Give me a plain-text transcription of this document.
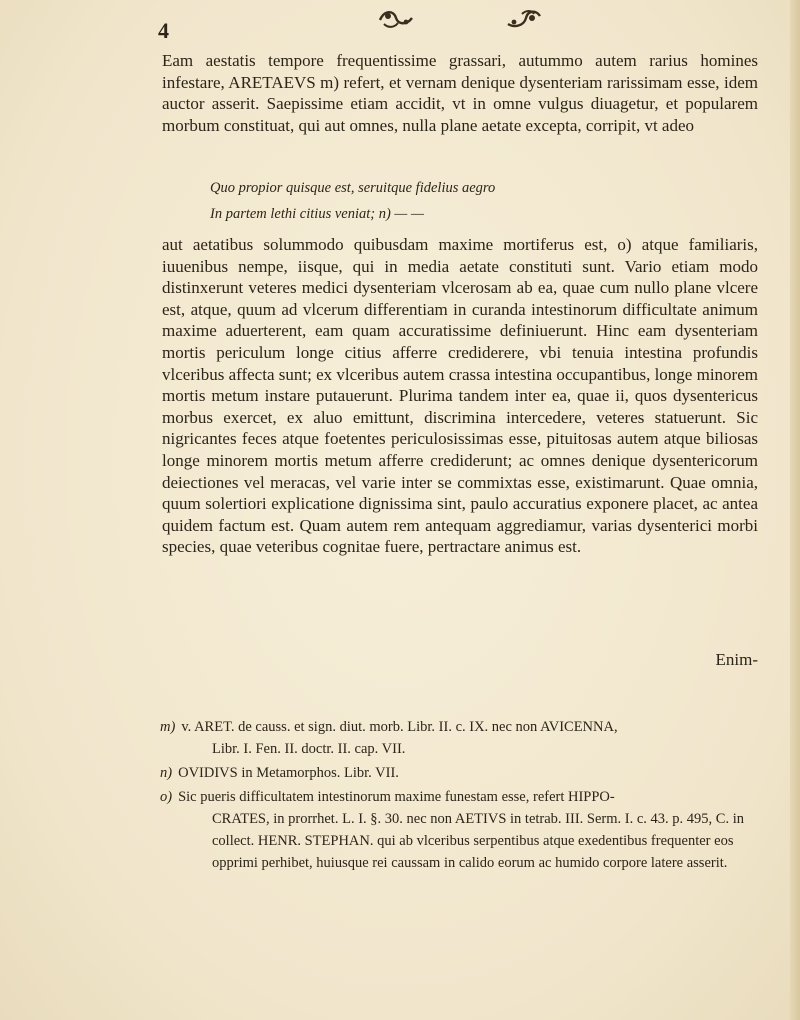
4
Eam aestatis tempore frequentissime grassari, autummo autem rarius homines infestare, ARETAEVS m) refert, et vernam denique dysenteriam rarissimam esse, idem auctor asserit. Saepissime etiam accidit, vt in omne vulgus diuagetur, et popularem morbum constituat, qui aut omnes, nulla plane aetate excepta, corripit, vt adeo
Quo propior quisque est, seruitque fidelius aegro
In partem lethi citius veniat; n) — —
aut aetatibus solummodo quibusdam maxime mortiferus est, o) atque familiaris, iuuenibus nempe, iisque, qui in media aetate constituti sunt. Vario etiam modo distinxerunt veteres medici dysenteriam vlcerosam ab ea, quae cum nullo plane vlcere est, atque, quum ad vlcerum differentiam in curanda intestinorum difficultate animum maxime aduerterent, eam quam accuratissime definiuerunt. Hinc eam dysenteriam mortis periculum longe citius afferre crediderere, vbi tenuia intestina profundis vlceribus affecta sunt; ex vlceribus autem crassa intestina occupantibus, longe minorem mortis metum instare putauerunt. Plurima tandem inter ea, quae ii, quos dysentericus morbus exercet, ex aluo emittunt, discrimina intercedere, veteres statuerunt. Sic nigricantes feces atque foetentes periculosissimas esse, pituitosas autem atque biliosas longe minorem mortis metum afferre crediderunt; ac omnes denique dysentericorum deiectiones vel meracas, vel varie inter se commixtas esse, existimarunt. Quae omnia, quum solertiori explicatione dignissima sint, paulo accuratius exponere placet, ac antea quidem factum est. Quam autem rem antequam aggrediamur, varias dysenterici morbi species, quae veteribus cognitae fuere, pertractare animus est.
Enim-
m) v. ARET. de causs. et sign. diut. morb. Libr. II. c. IX. nec non AVICENNA,
Libr. I. Fen. II. doctr. II. cap. VII.
n) OVIDIVS in Metamorphos. Libr. VII.
o) Sic pueris difficultatem intestinorum maxime funestam esse, refert HIPPO-
CRATES, in prorrhet. L. I. §. 30. nec non AETIVS in tetrab. III. Serm. I. c. 43. p. 495, C. in collect. HENR. STEPHAN. qui ab vlceribus serpentibus atque exedentibus frequenter eos opprimi perhibet, huiusque rei caussam in calido eorum ac humido corpore latere asserit.
